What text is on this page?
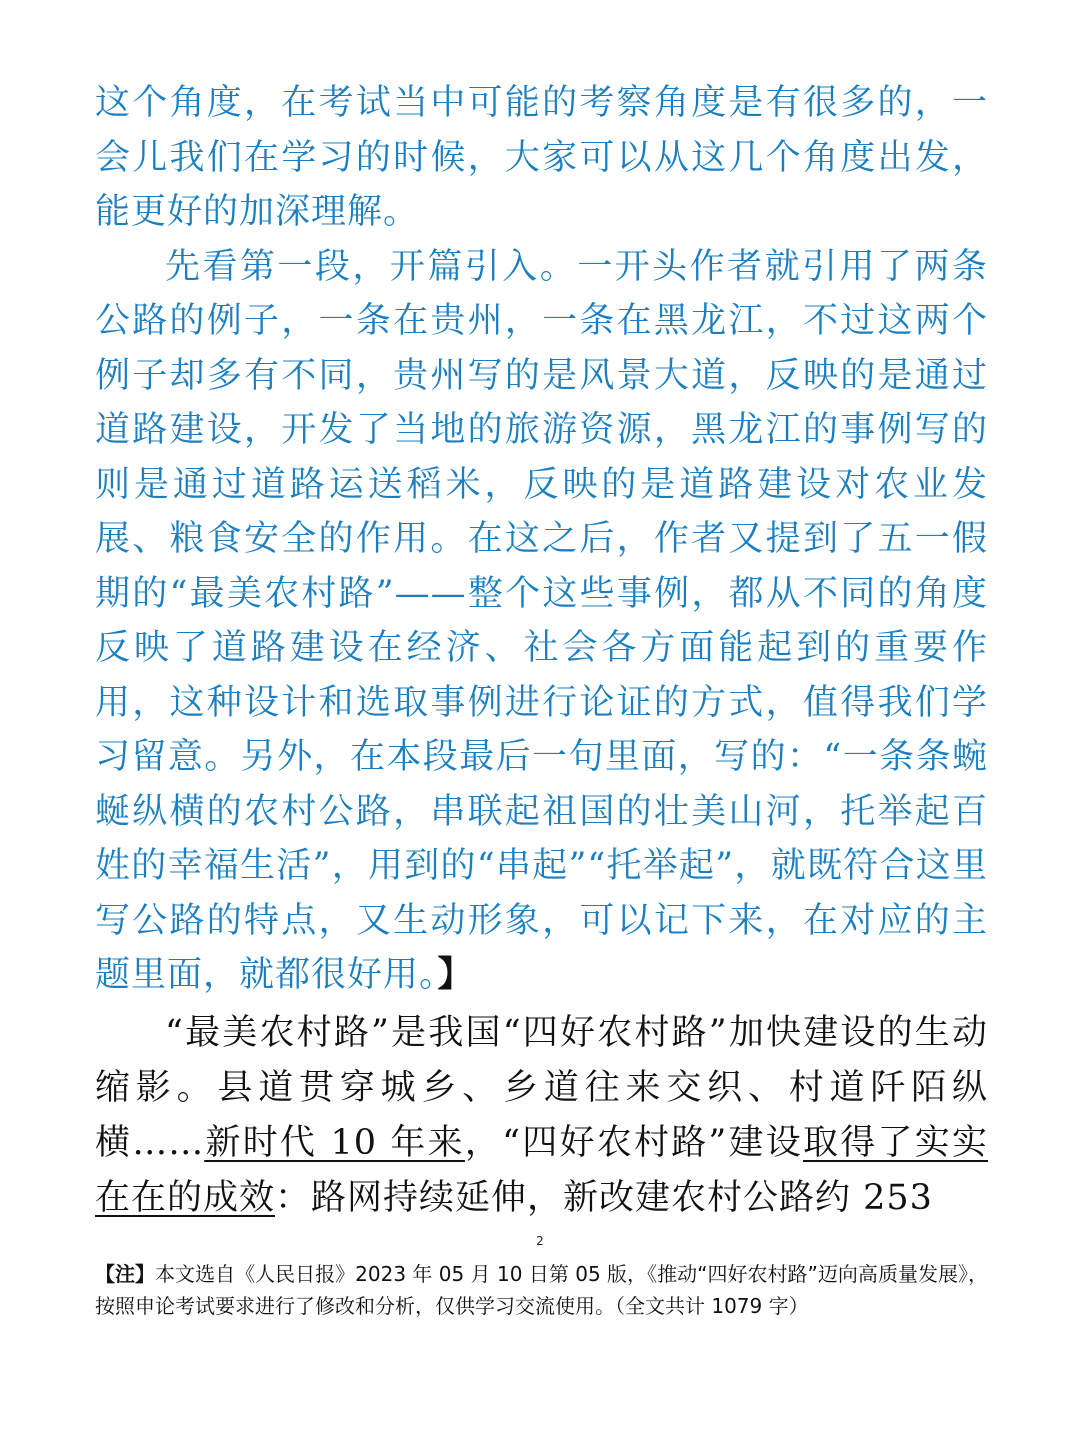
这个角度，在考试当中可能的考察角度是有很多的，一会儿我们在学习的时候，大家可以从这几个角度出发，能更好的加深理解。

先看第一段，开篇引入。一开头作者就引用了两条公路的例子，一条在贵州，一条在黑龙江，不过这两个例子却多有不同，贵州写的是风景大道，反映的是通过道路建设，开发了当地的旅游资源，黑龙江的事例写的则是通过道路运送稻米，反映的是道路建设对农业发展、粮食安全的作用。在这之后，作者又提到了五一假期的“最美农村路”——整个这些事例，都从不同的角度反映了道路建设在经济、社会各方面能起到的重要作用，这种设计和选取事例进行论证的方式，值得我们学习留意。另外，在本段最后一句里面，写的：“一条条蜿蜒纵横的农村公路，串联起祖国的壮美山河，托举起百姓的幸福生活”，用到的“串起”“托举起”，就既符合这里写公路的特点，又生动形象，可以记下来，在对应的主题里面，就都很好用。】

“最美农村路”是我国“四好农村路”加快建设的生动缩影。县道贯穿城乡、乡道往来交织、村道阡陌纵横……新时代 10 年来，“四好农村路”建设取得了实实在在的成效：路网持续延伸，新改建农村公路约 253

2
【注】本文选自《人民日报》2023 年 05 月 10 日第 05 版，《推动“四好农村路”迈向高质量发展》，按照申论考试要求进行了修改和分析，仅供学习交流使用。（全文共计 1079 字）
